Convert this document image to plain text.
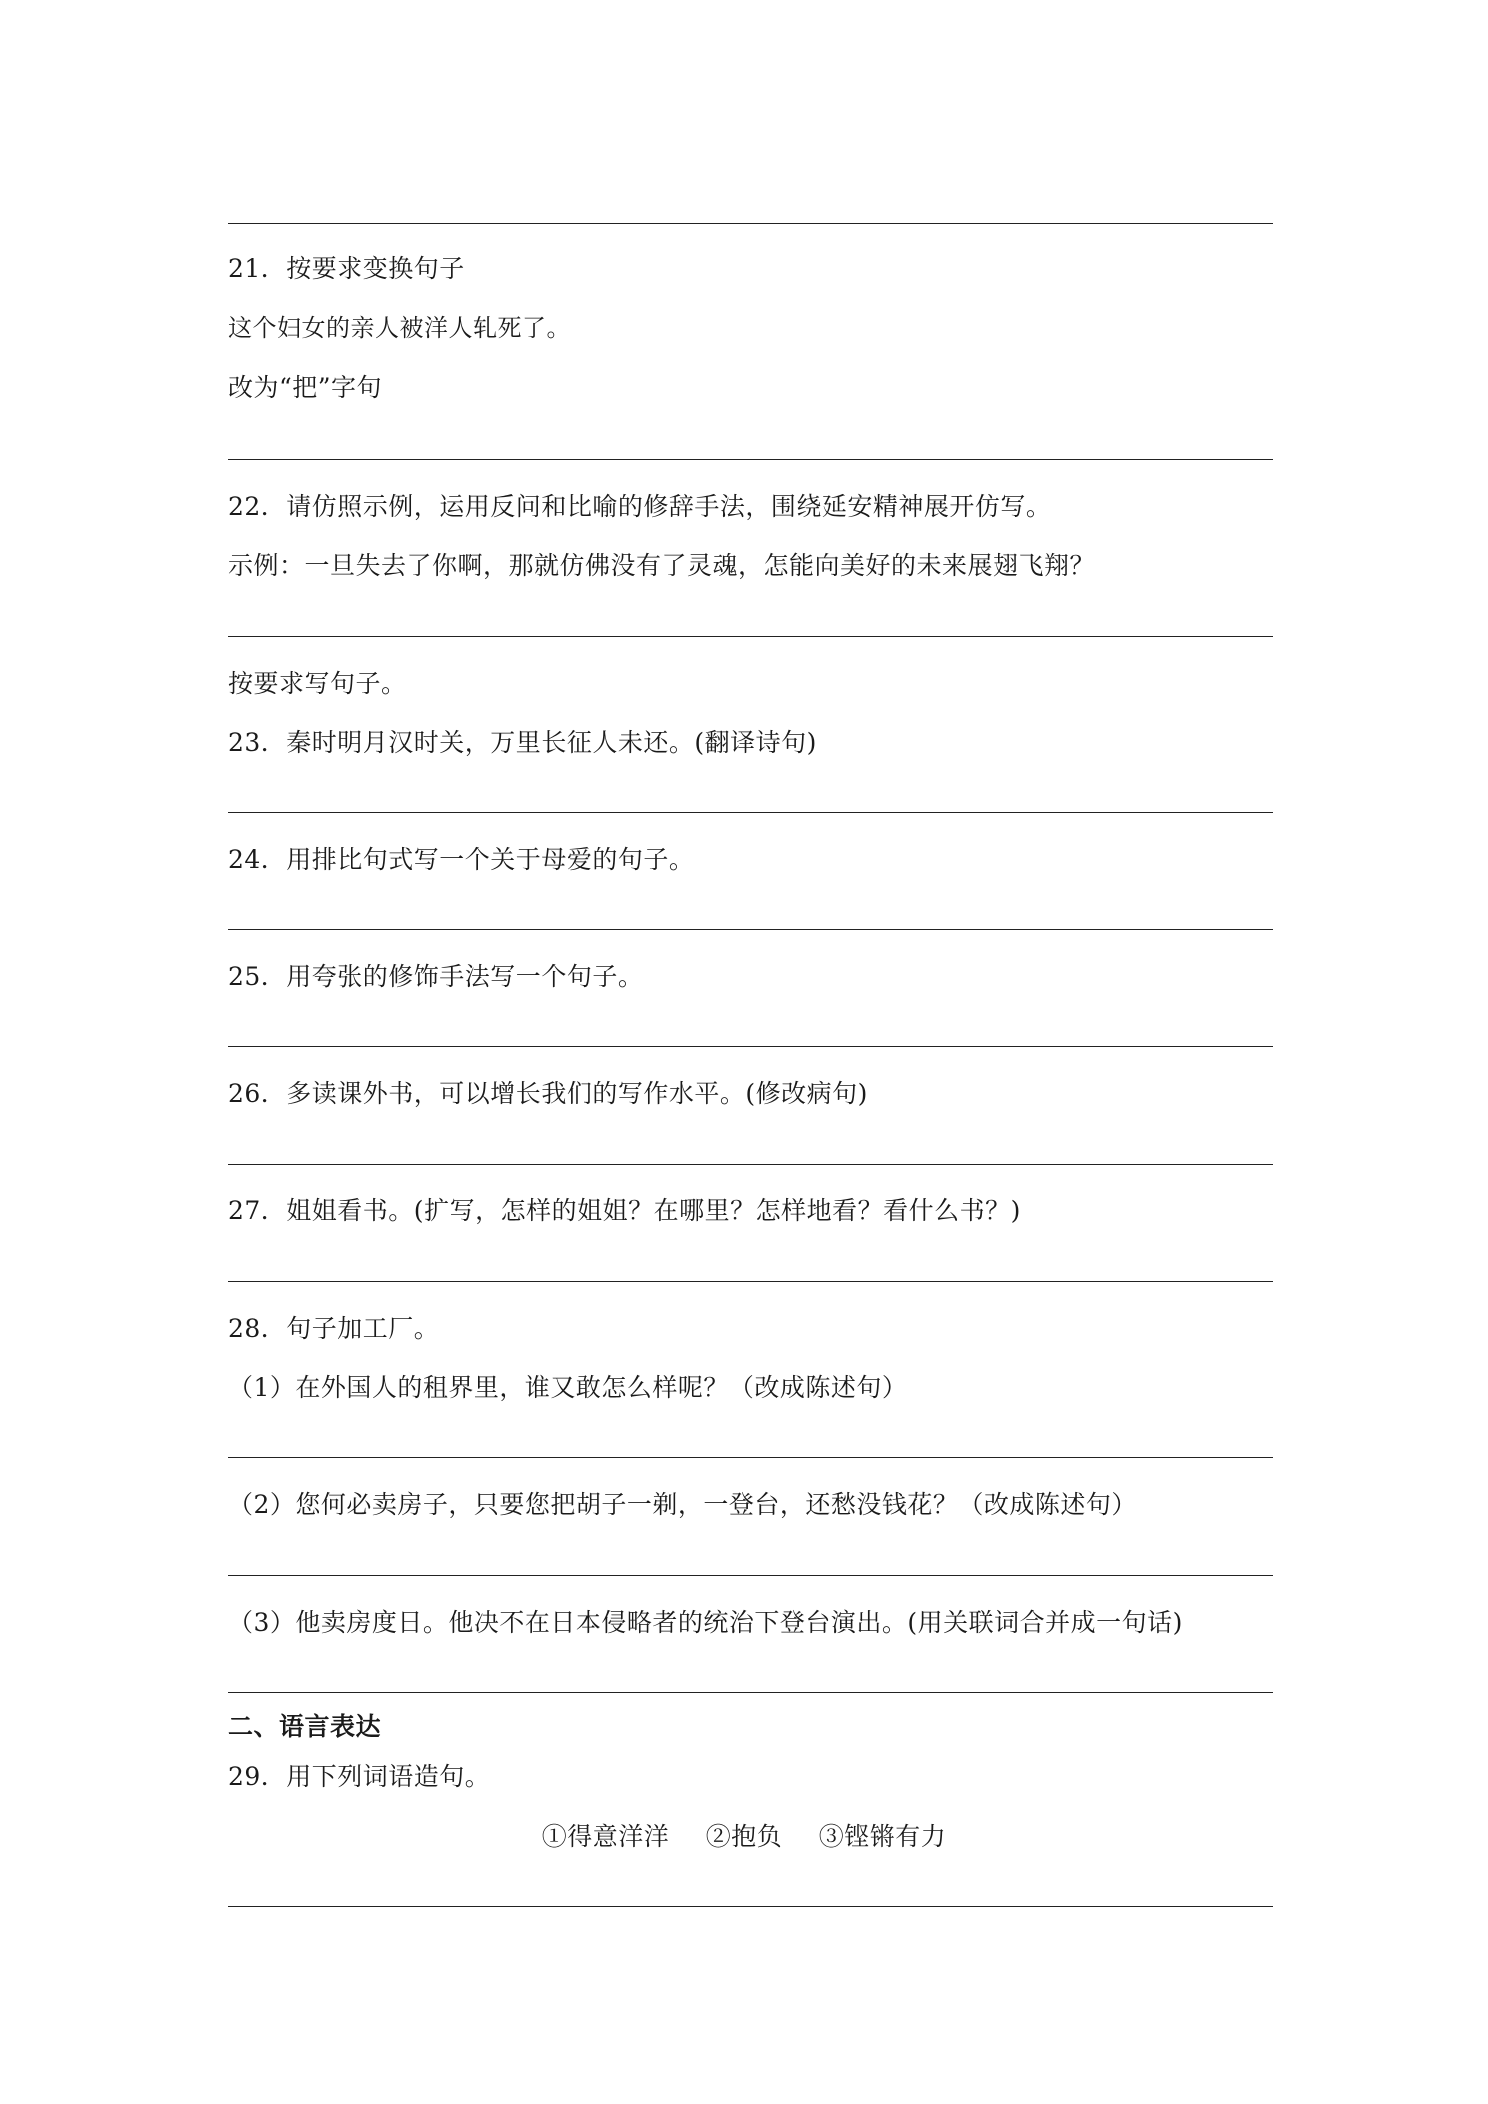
21．按要求变换句子
这个妇女的亲人被洋人轧死了。
改为“把”字句
22．请仿照示例，运用反问和比喻的修辞手法，围绕延安精神展开仿写。
示例：一旦失去了你啊，那就仿佛没有了灵魂，怎能向美好的未来展翅飞翔？
按要求写句子。
23．秦时明月汉时关，万里长征人未还。(翻译诗句)
24．用排比句式写一个关于母爱的句子。
25．用夸张的修饰手法写一个句子。
26．多读课外书，可以增长我们的写作水平。(修改病句)
27．姐姐看书。(扩写，怎样的姐姐？在哪里？怎样地看？看什么书？)
28．句子加工厂。
（1）在外国人的租界里，谁又敢怎么样呢？（改成陈述句）
（2）您何必卖房子，只要您把胡子一剃，一登台，还愁没钱花？（改成陈述句）
（3）他卖房度日。他决不在日本侵略者的统治下登台演出。(用关联词合并成一句话)
二、语言表达
29．用下列词语造句。
①得意洋洋 ②抱负 ③铿锵有力
